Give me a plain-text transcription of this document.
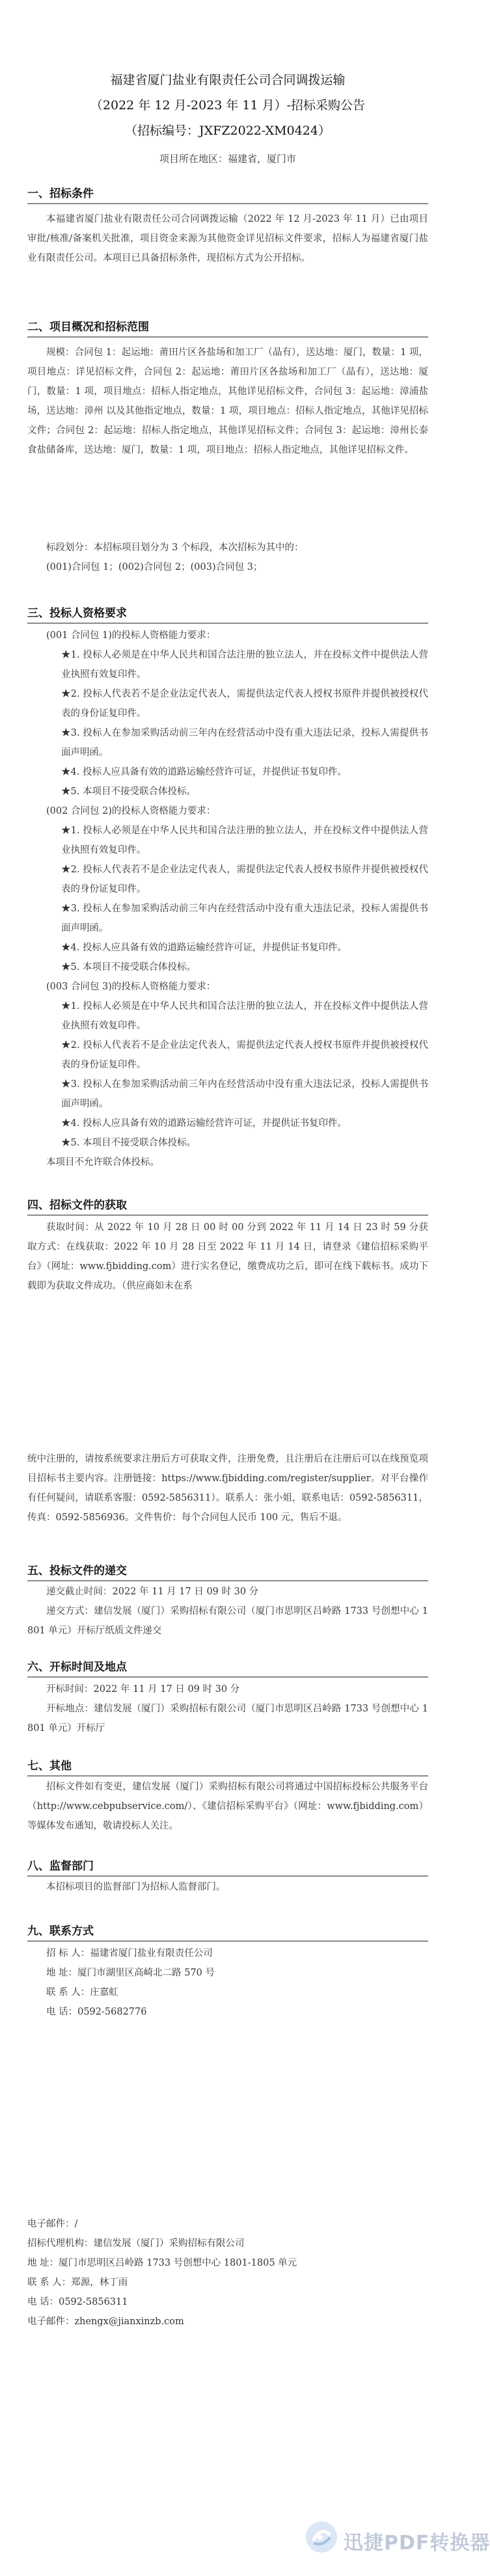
福建省厦门盐业有限责任公司合同调拨运输
（2022 年 12 月-2023 年 11 月）-招标采购公告
（招标编号：JXFZ2022-XM0424）
项目所在地区：福建省，厦门市
一、招标条件
本福建省厦门盐业有限责任公司合同调拨运输（2022 年 12 月-2023 年 11 月）已由项目审批/核准/备案机关批准，项目资金来源为其他资金详见招标文件要求，招标人为福建省厦门盐业有限责任公司。本项目已具备招标条件，现招标方式为公开招标。
二、项目概况和招标范围
规模：合同包 1：起运地：莆田片区各盐场和加工厂（晶有），送达地：厦门，数量：1 项，项目地点：详见招标文件，合同包 2：起运地：莆田片区各盐场和加工厂（晶有），送达地：厦门，数量：1 项，项目地点：招标人指定地点，其他详见招标文件，合同包 3：起运地：漳浦盐场，送达地：漳州 以及其他指定地点，数量：1 项，项目地点：招标人指定地点，其他详见招标文件；合同包 2：起运地：招标人指定地点，其他详见招标文件；合同包 3：起运地：漳州长泰食盐储备库，送达地：厦门，数量：1 项，项目地点：招标人指定地点，其他详见招标文件。
标段划分：本招标项目划分为 3 个标段，本次招标为其中的：
(001)合同包 1；(002)合同包 2；(003)合同包 3；
三、投标人资格要求
(001 合同包 1)的投标人资格能力要求：
★1. 投标人必须是在中华人民共和国合法注册的独立法人，并在投标文件中提供法人营业执照有效复印件。
★2. 投标人代表若不是企业法定代表人，需提供法定代表人授权书原件并提供被授权代表的身份证复印件。
★3. 投标人在参加采购活动前三年内在经营活动中没有重大违法记录，投标人需提供书面声明函。
★4. 投标人应具备有效的道路运输经营许可证，并提供证书复印件。
★5. 本项目不接受联合体投标。
(002 合同包 2)的投标人资格能力要求：
★1. 投标人必须是在中华人民共和国合法注册的独立法人，并在投标文件中提供法人营业执照有效复印件。
★2. 投标人代表若不是企业法定代表人，需提供法定代表人授权书原件并提供被授权代表的身份证复印件。
★3. 投标人在参加采购活动前三年内在经营活动中没有重大违法记录，投标人需提供书面声明函。
★4. 投标人应具备有效的道路运输经营许可证，并提供证书复印件。
★5. 本项目不接受联合体投标。
(003 合同包 3)的投标人资格能力要求：
★1. 投标人必须是在中华人民共和国合法注册的独立法人，并在投标文件中提供法人营业执照有效复印件。
★2. 投标人代表若不是企业法定代表人，需提供法定代表人授权书原件并提供被授权代表的身份证复印件。
★3. 投标人在参加采购活动前三年内在经营活动中没有重大违法记录，投标人需提供书面声明函。
★4. 投标人应具备有效的道路运输经营许可证，并提供证书复印件。
★5. 本项目不接受联合体投标。
本项目不允许联合体投标。
四、招标文件的获取
获取时间：从 2022 年 10 月 28 日 00 时 00 分到 2022 年 11 月 14 日 23 时 59 分获取方式：在线获取：2022 年 10 月 28 日至 2022 年 11 月 14 日，请登录《建信招标采购平台》（网址：www.fjbidding.com）进行实名登记，缴费成功之后，即可在线下载标书。成功下载即为获取文件成功。（供应商如未在系
统中注册的，请按系统要求注册后方可获取文件，注册免费，且注册后在注册后可以在线预览项目招标书主要内容。注册链接：https://www.fjbidding.com/register/supplier。对平台操作有任何疑问，请联系客服：0592-5856311）。联系人：张小姐，联系电话：0592-5856311，传真：0592-5856936。文件售价：每个合同包人民币 100 元，售后不退。
五、投标文件的递交
递交截止时间：2022 年 11 月 17 日 09 时 30 分
递交方式：建信发展（厦门）采购招标有限公司（厦门市思明区吕岭路 1733 号创想中心 1801 单元）开标厅纸质文件递交
六、开标时间及地点
开标时间：2022 年 11 月 17 日 09 时 30 分
开标地点：建信发展（厦门）采购招标有限公司（厦门市思明区吕岭路 1733 号创想中心 1801 单元）开标厅
七、其他
招标文件如有变更，建信发展（厦门）采购招标有限公司将通过中国招标投标公共服务平台（http://www.cebpubservice.com/）、《建信招标采购平台》（网址：www.fjbidding.com）等媒体发布通知，敬请投标人关注。
八、监督部门
本招标项目的监督部门为招标人监督部门。
九、联系方式
招 标 人：福建省厦门盐业有限责任公司
地 址：厦门市湖里区高崎北二路 570 号
联 系 人：庄嘉虹
电 话：0592-5682776
电子邮件：/
招标代理机构：建信发展（厦门）采购招标有限公司
地 址：厦门市思明区吕岭路 1733 号创想中心 1801-1805 单元
联 系 人：郑源，林丁雨
电 话：0592-5856311
电子邮件：zhengx@jianxinzb.com
迅捷PDF转换器
